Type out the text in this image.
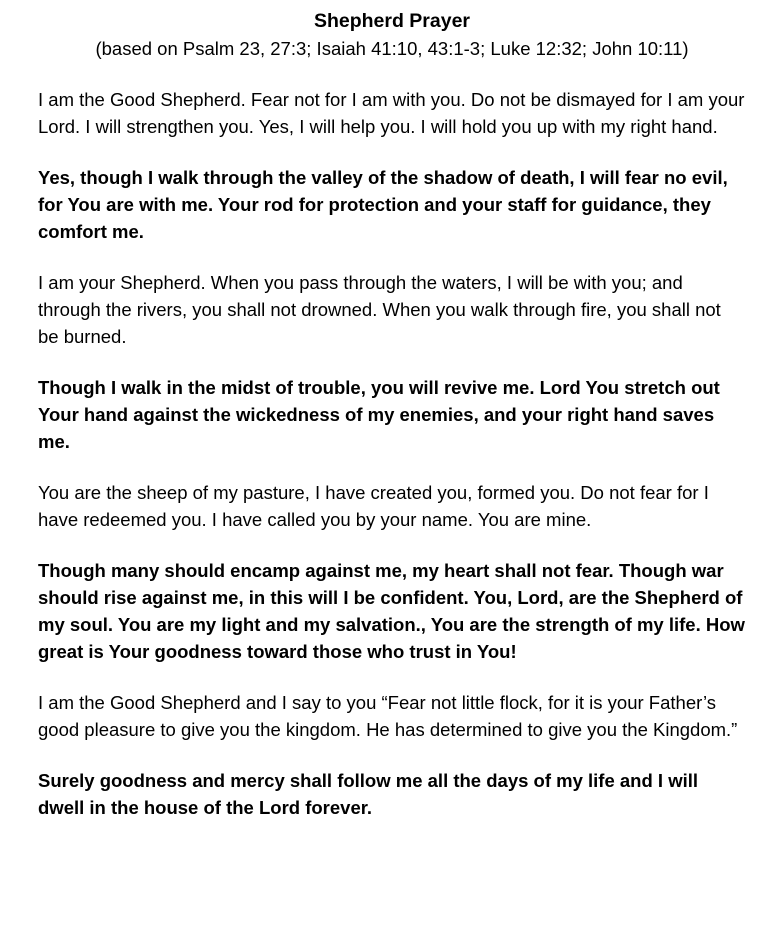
Shepherd Prayer

(based on Psalm 23, 27:3; Isaiah 41:10, 43:1-3; Luke 12:32; John 10:11)

I am the Good Shepherd. Fear not for I am with you. Do not be dismayed for I am your Lord. I will strengthen you. Yes, I will help you. I will hold you up with my right hand.

Yes, though I walk through the valley of the shadow of death, I will fear no evil, for You are with me. Your rod for protection and your staff for guidance, they comfort me.

I am your Shepherd. When you pass through the waters, I will be with you; and through the rivers, you shall not drowned. When you walk through fire, you shall not be burned.

Though I walk in the midst of trouble, you will revive me. Lord You stretch out Your hand against the wickedness of my enemies, and your right hand saves me.

You are the sheep of my pasture, I have created you, formed you. Do not fear for I have redeemed you. I have called you by your name. You are mine.

Though many should encamp against me, my heart shall not fear. Though war should rise against me, in this will I be confident. You, Lord, are the Shepherd of my soul. You are my light and my salvation., You are the strength of my life. How great is Your goodness toward those who trust in You!

I am the Good Shepherd and I say to you “Fear not little flock, for it is your Father’s good pleasure to give you the kingdom. He has determined to give you the Kingdom.”

Surely goodness and mercy shall follow me all the days of my life and I will dwell in the house of the Lord forever.
